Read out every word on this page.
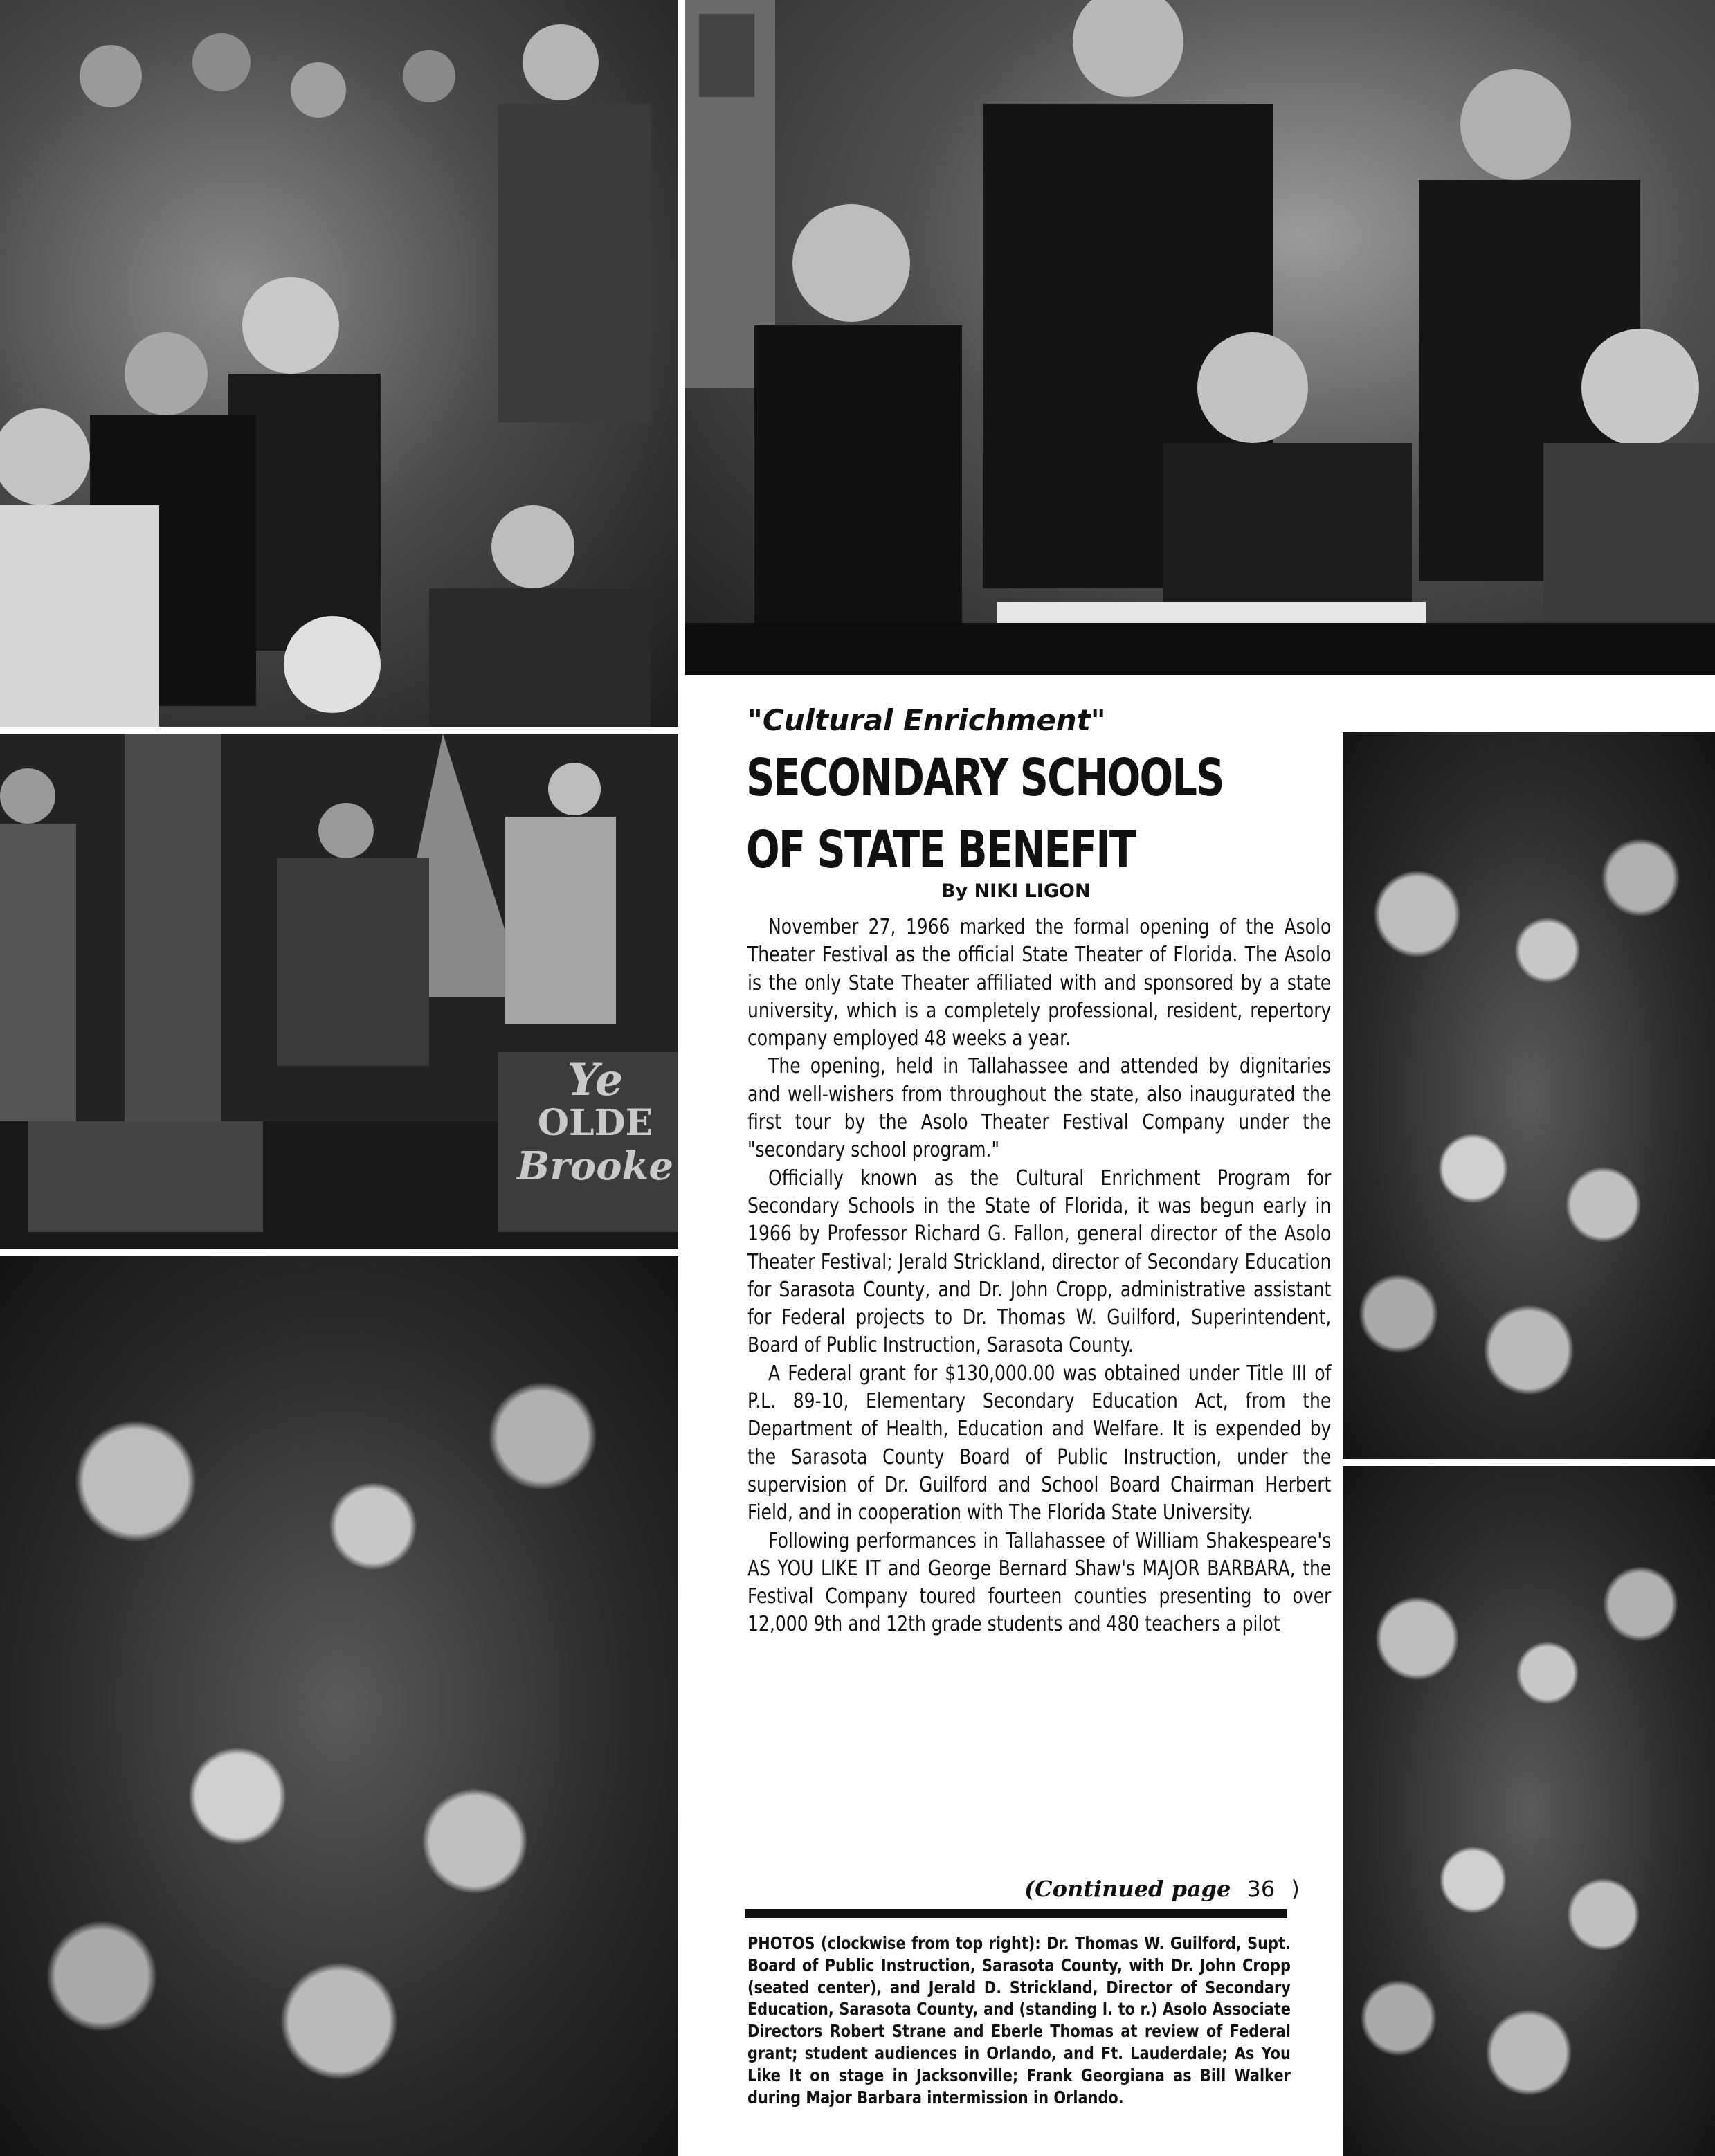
Ye
OLDE
Brooke
"Cultural Enrichment"
SECONDARY SCHOOLS
OF STATE BENEFIT
By NIKI LIGON

November 27, 1966 marked the formal opening of the Asolo Theater Festival as the official State Theater of Florida. The Asolo is the only State Theater affiliated with and sponsored by a state university, which is a completely professional, resident, repertory company employed 48 weeks a year.

The opening, held in Tallahassee and attended by dignitaries and well-wishers from throughout the state, also inaugurated the first tour by the Asolo Theater Festival Company under the "secondary school program."

Officially known as the Cultural Enrichment Program for Secondary Schools in the State of Florida, it was begun early in 1966 by Professor Richard G. Fallon, general director of the Asolo Theater Festival; Jerald Strickland, director of Secondary Education for Sarasota County, and Dr. John Cropp, administrative assistant for Federal projects to Dr. Thomas W. Guilford, Superintendent, Board of Public Instruction, Sarasota County.

A Federal grant for $130,000.00 was obtained under Title III of P.L. 89-10, Elementary Secondary Education Act, from the Department of Health, Education and Welfare. It is expended by the Sarasota County Board of Public Instruction, under the supervision of Dr. Guilford and School Board Chairman Herbert Field, and in cooperation with The Florida State University.

Following performances in Tallahassee of William Shakespeare's AS YOU LIKE IT and George Bernard Shaw's MAJOR BARBARA, the Festival Company toured fourteen counties presenting to over 12,000 9th and 12th grade students and 480 teachers a pilot

(Continued page 36 )
PHOTOS (clockwise from top right): Dr. Thomas W. Guilford, Supt. Board of Public Instruction, Sarasota County, with Dr. John Cropp (seated center), and Jerald D. Strickland, Director of Secondary Education, Sarasota County, and (standing l. to r.) Asolo Associate Directors Robert Strane and Eberle Thomas at review of Federal grant; student audiences in Orlando, and Ft. Lauderdale; As You Like It on stage in Jacksonville; Frank Georgiana as Bill Walker during Major Barbara intermission in Orlando.
